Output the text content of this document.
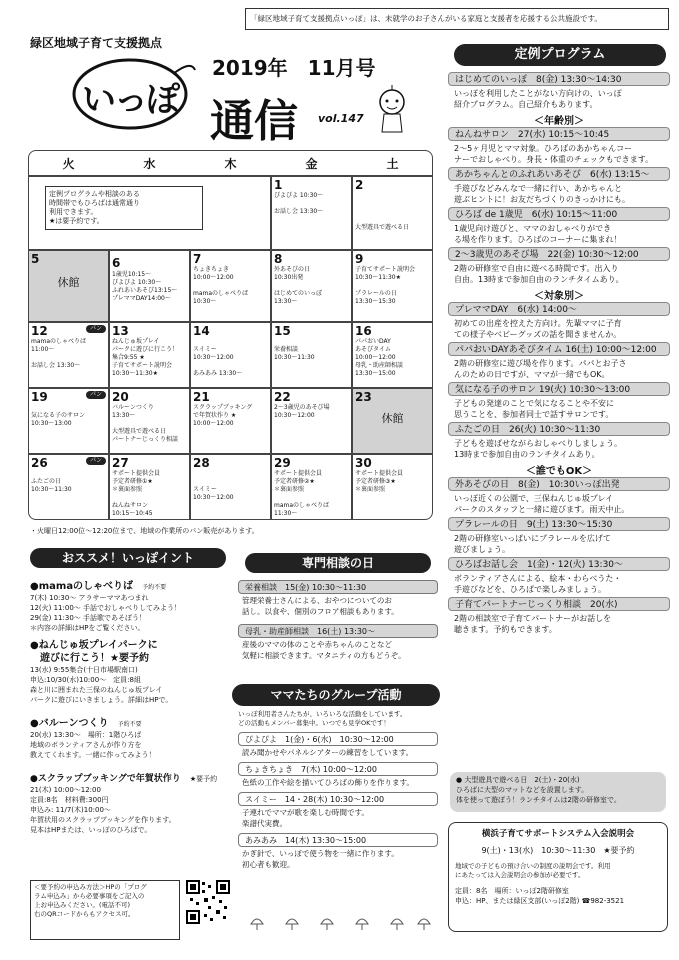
「緑区地域子育て支援拠点いっぽ」は、未就学のお子さんがいる家庭と支援者を応援する公共施設です。
緑区地域子育て支援拠点
いっぽ
2019年　11月号
通信 vol.147
火	水	木	金	土
定例プログラムや相談のある
時間帯でもひろばは通常通り
利用できます。
★は要予約です。
1
ぴよぴよ 10:30～

お話し会 13:30～
2

大型遊具で遊べる日
5
休館
6
1歳児10:15～
ぴよぴよ 10:30～
ふれあいあそび13:15～
プレママDAY14:00～
7
ちょきちょき
10:00～12:00

mamaのしゃべりば
10:30～
8
外あそびの日
10:30出発

はじめてのいっぽ
13:30～
9
子育てサポート説明会
10:30～11:30★

プラレールの日
13:30～15:30
12	パン
mamaのしゃべりば
11:00～

お話し会 13:30～
13
ねんじゅ坂プレイ
パークに遊びに行こう！
集合9:55 ★
子育てサポート説明会
10:30～11:30★
14

スイミー
10:30～12:00

あみあみ 13:30～
15

栄養相談
10:30～11:30
16
パパおいDAY
あそびタイム
10:00～12:00
母乳・助産師相談
13:30～15:00
19	パン

気になる子のサロン
10:30～13:00
20
バルーンつくり
13:30～

大型遊具で遊べる日
パートナーじっくり相談
21
スクラップブッキング
で年賀状作り ★
10:00～12:00
22
2～3歳児のあそび場
10:30～12:00
23
休館
26	パン

ふたごの日
10:30～11:30
27
サポート提供会員
予定者研修①★
＊裏面参照

ねんねサロン
10:15～10:45
28

スイミー
10:30～12:00
29
サポート提供会員
予定者研修②★
＊裏面参照

mamaのしゃべりば
11:30～
30
サポート提供会員
予定者研修③★
＊裏面参照
・火曜日12:00位～12:20位まで、地域の作業所のパン販売があります。
おススメ！いっぽイント
●mamaのしゃべりば 予約不要
7(木) 10:30～ アラサーママあつまれ
12(火) 11:00～ 手話でおしゃべりしてみよう！
29(金) 11:30～ 手話歌であそぼう！
＊内容の詳細はHPをご覧ください。
●ねんじゅ坂プレイパークに
　遊びに行こう！★要予約
13(水) 9:55集合(十日市場駅南口)
申込:10/30(水)10:00～　定員:8組
森と川に囲まれた三保のねんじゅ坂プレイ
パークに遊びにいきましょう。詳細はHPで。
●バルーンつくり 予約不要
20(水) 13:30～　場所：1階ひろば
地域のボランティアさんが作り方を
教えてくれます。一緒に作ってみよう！
●スクラップブッキングで年賀状作り ★要予約
21(木) 10:00～12:00
定員:8名　材料費:300円
申込み: 11/7(木)10:00～
年賀状用のスクラップブッキングを作ります。
見本はHPまたは、いっぽのひろばで。
＜要予約の申込み方法＞HPの「プログ
ラム申込み」から必要事項をご記入の
上お申込みください。(電話不可)
右のQRコードからもアクセス可。
専門相談の日
栄養相談　15(金) 10:30～11:30
管理栄養士さんによる、おやつについてのお
話し。以食や、個別のフロア相談もあります。
母乳・助産師相談　16(土) 13:30～
産後のママの体のことや赤ちゃんのことなど
気軽に相談できます。マタニティの方もどうぞ。
ママたちのグループ活動
いっぽ利用者さんたちが、いろいろな活動をしています。
どの活動もメンバー募集中。いつでも見学OKです！
ぴよぴよ　1(金)・6(水)　10:30～12:00
読み聞かせやパネルシアターの練習をしています。
ちょきちょき　7(木) 10:00～12:00
色紙の工作や絵を描いてひろばの飾りを作ります。
スイミー　14・28(木) 10:30～12:00
子連れでママが歌を楽しむ時間です。
楽譜代実費。
あみあみ　14(木) 13:30～15:00
かぎ針で、いっぽで使う物を一緒に作ります。
初心者も歓迎。
定例プログラム
はじめてのいっぽ　8(金) 13:30～14:30
いっぽを利用したことがない方向けの、いっぽ
紹介プログラム。自己紹介もあります。
＜年齢別＞
ねんねサロン　27(水) 10:15～10:45
2～5ヶ月児とママ対象。ひろばのあかちゃんコー
ナーでおしゃべり。身長・体重のチェックもできます。
あかちゃんとのふれあいあそび　6(水) 13:15～
手遊びなどみんなで一緒に行い、あかちゃんと
遊ぶヒントに！お友だちづくりのきっかけにも。
ひろば de 1歳児　6(水) 10:15～11:00
1歳児向け遊びと、ママのおしゃべりができ
る場を作ります。ひろばのコーナーに集まれ！
2～3歳児のあそび場　22(金) 10:30～12:00
2階の研修室で自由に遊べる時間です。出入り
自由。13時まで参加自由のランチタイムあり。
＜対象別＞
プレママDAY　6(水) 14:00～
初めての出産を控えた方向け。先輩ママに子育
ての様子やベビーグッズの話を聞きませんか。
パパおいDAYあそびタイム 16(土) 10:00～12:00
2階の研修室に遊び場を作ります。パパとお子さ
んのための日ですが、ママが一緒でもOK。
気になる子のサロン 19(火) 10:30～13:00
子どもの発達のことで気になることや不安に
思うことを、参加者同士で話すサロンです。
ふたごの日　26(火) 10:30～11:30
子どもを遊ばせながらおしゃべりしましょう。
13時まで参加自由のランチタイムあり。
＜誰でもOK＞
外あそびの日　8(金)　10:30いっぽ出発
いっぽ近くの公園で、三保ねんじゅ坂プレイ
パークのスタッフと一緒に遊びます。雨天中止。
プラレールの日　9(土) 13:30～15:30
2階の研修室いっぱいにプラレールを広げて
遊びましょう。
ひろばお話し会　1(金)・12(火) 13:30～
ボランティアさんによる、絵本・わらべうた・
手遊びなどを、ひろばで楽しみましょう。
子育てパートナーじっくり相談　20(水)
2階の相談室で子育てパートナーがお話しを
聴きます。予約もできます。
● 大型遊具で遊べる日　2(土)・20(水)
ひろばに大型のマットなどを設置します。
体を使って遊ぼう！ランチタイムは2階の研修室で。
横浜子育てサポートシステム入会説明会
9(土)・13(水)　10:30～11:30　★要予約
地域での子どもの預け合いの制度の説明会です。利用
にあたっては入会説明会の参加が必要です。
定員：8名　場所：いっぽ2階研修室
申込：HP、または緑区支部(いっぽ2階) ☎982-3521
